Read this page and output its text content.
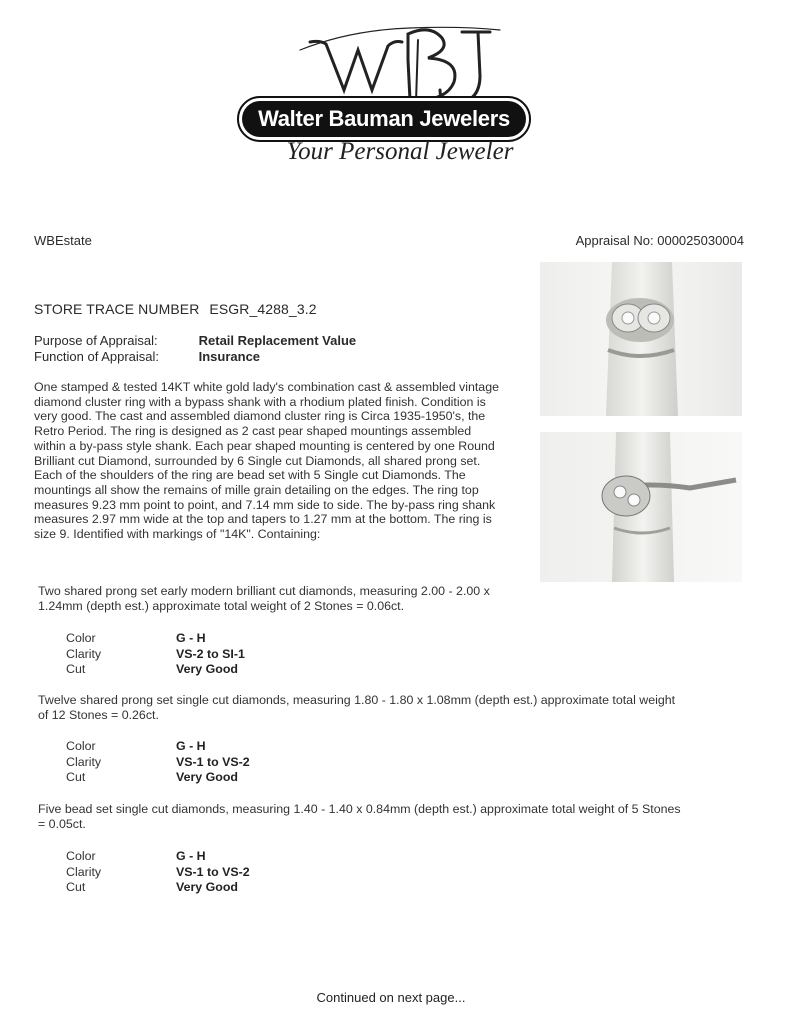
Walter Bauman Jewelers
Your Personal Jeweler
WBEstate	Appraisal No: 000025030004
STORE TRACE NUMBER ESGR_4288_3.2
Purpose of Appraisal:	Retail Replacement Value
Function of Appraisal:	Insurance
One stamped & tested 14KT white gold lady's combination cast & assembled vintage diamond cluster ring with a bypass shank with a rhodium plated finish. Condition is very good. The cast and assembled diamond cluster ring is Circa 1935-1950's, the Retro Period. The ring is designed as 2 cast pear shaped mountings assembled within a by-pass style shank. Each pear shaped mounting is centered by one Round Brilliant cut Diamond, surrounded by 6 Single cut Diamonds, all shared prong set. Each of the shoulders of the ring are bead set with 5 Single cut Diamonds. The mountings all show the remains of mille grain detailing on the edges. The ring top measures 9.23 mm point to point, and 7.14 mm side to side. The by-pass ring shank measures 2.97 mm wide at the top and tapers to 1.27 mm at the bottom. The ring is size 9. Identified with markings of "14K". Containing:
Two shared prong set early modern brilliant cut diamonds, measuring 2.00 - 2.00 x 1.24mm (depth est.) approximate total weight of 2 Stones = 0.06ct.
Color	G - H
Clarity	VS-2 to SI-1
Cut	Very Good
Twelve shared prong set single cut diamonds, measuring 1.80 - 1.80 x 1.08mm (depth est.) approximate total weight of 12 Stones = 0.26ct.
Color	G - H
Clarity	VS-1 to VS-2
Cut	Very Good
Five bead set single cut diamonds, measuring 1.40 - 1.40 x 0.84mm (depth est.) approximate total weight of 5 Stones = 0.05ct.
Color	G - H
Clarity	VS-1 to VS-2
Cut	Very Good
Continued on next page...
